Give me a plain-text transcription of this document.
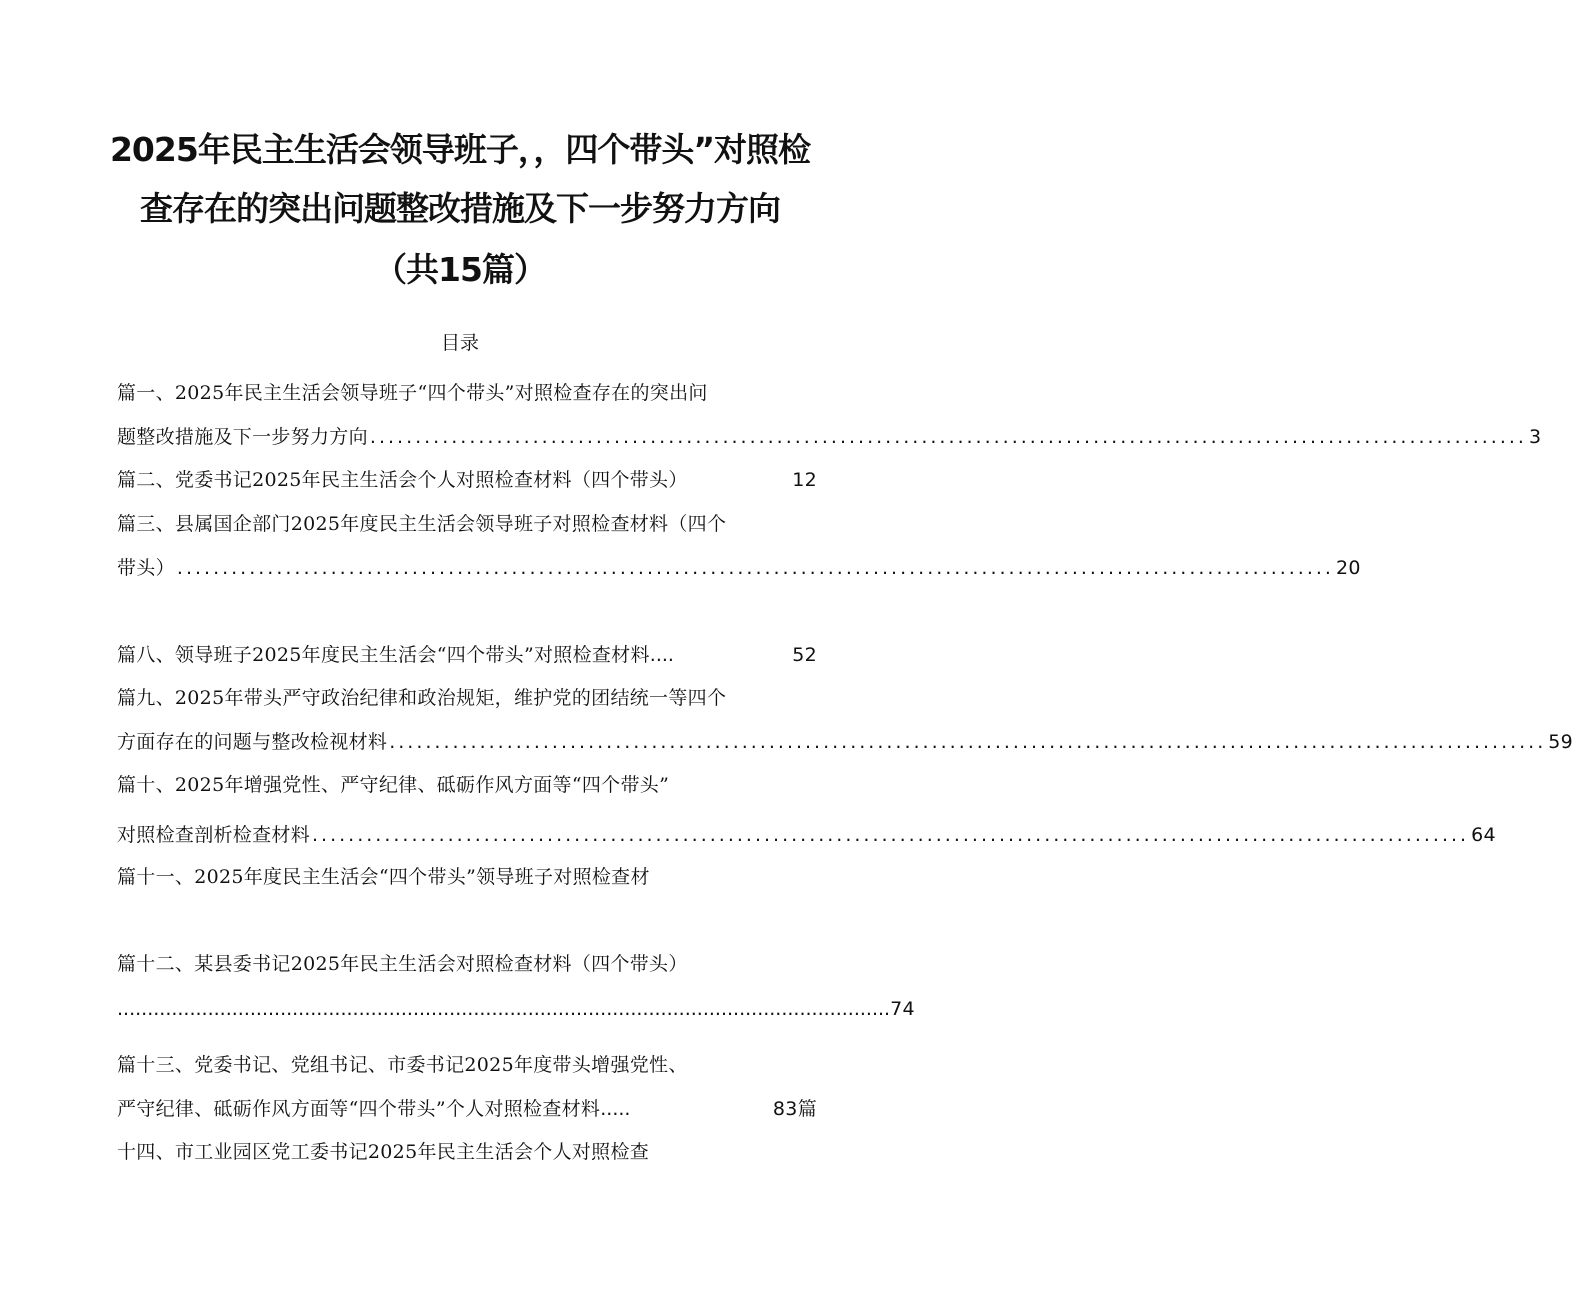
2025年民主生活会领导班子，，四个带头”对照检
查存在的突出问题整改措施及下一步努力方向
（共15篇）
目录
篇一、2025年民主生活会领导班子“四个带头”对照检查存在的突出问
题整改措施及下一步努力方向 ................................................................................................................................ 3
篇二、党委书记2025年民主生活会个人对照检查材料（四个带头）	12
篇三、县属国企部门2025年度民主生活会领导班子对照检查材料（四个
带头） ................................................................................................................................ 20
篇八、领导班子2025年度民主生活会“四个带头”对照检查材料 ....	52
篇九、2025年带头严守政治纪律和政治规矩，维护党的团结统一等四个
方面存在的问题与整改检视材料 ................................................................................................................................ 59
篇十、2025年增强党性、严守纪律、砥砺作风方面等“四个带头”
对照检查剖析检查材料 ................................................................................................................................ 64
篇十一、2025年度民主生活会“四个带头”领导班子对照检查材
篇十二、某县委书记2025年民主生活会对照检查材料（四个带头）
................................................................................................................................ 74
篇十三、党委书记、党组书记、市委书记2025年度带头增强党性、
严守纪律、砥砺作风方面等“四个带头”个人对照检查材料 .....	83 篇
十四、市工业园区党工委书记2025年民主生活会个人对照检查
